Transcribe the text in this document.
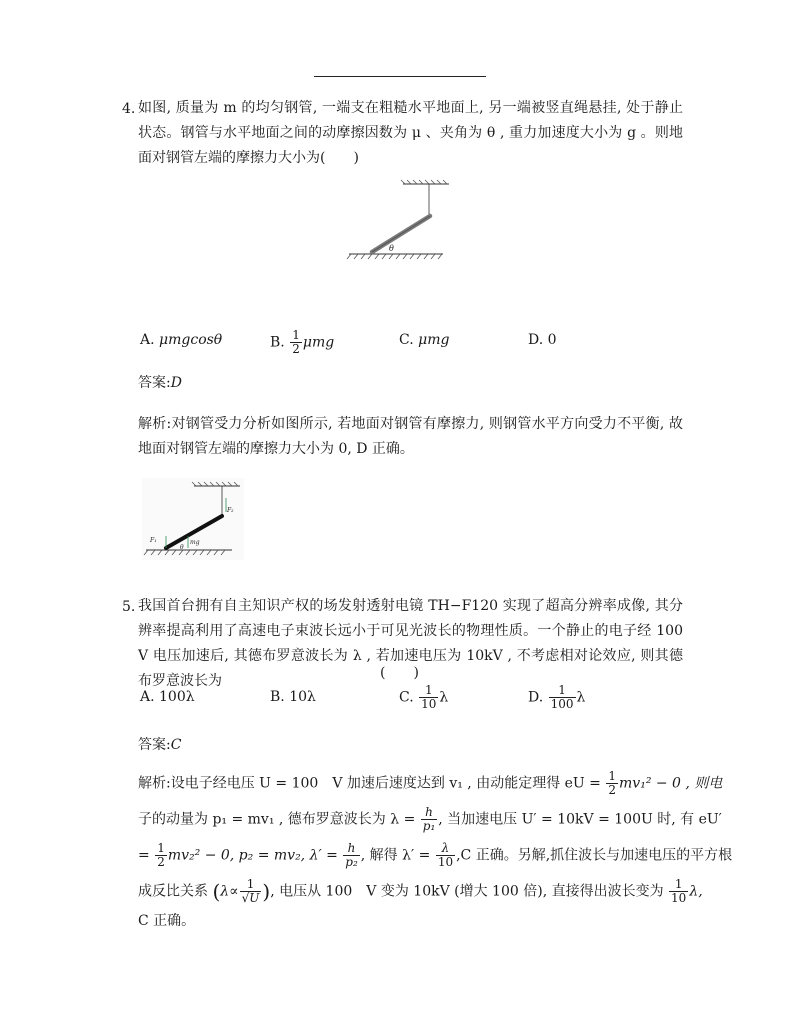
4. 如图, 质量为 m 的均匀钢管, 一端支在粗糙水平地面上, 另一端被竖直绳悬挂, 处于静止状态。钢管与水平地面之间的动摩擦因数为 μ 、夹角为 θ , 重力加速度大小为 g 。则地面对钢管左端的摩擦力大小为(　　)
θ
A. μmgcosθ	B. $\frac{1}{2}$ μmg	C. μmg	D. 0
答案:D
解析:对钢管受力分析如图所示, 若地面对钢管有摩擦力, 则钢管水平方向受力不平衡, 故地面对钢管左端的摩擦力大小为 0, D 正确。
F₂
F₁	mg
θ
5. 我国首台拥有自主知识产权的场发射透射电镜 TH−F120 实现了超高分辨率成像, 其分辨率提高利用了高速电子束波长远小于可见光波长的物理性质。一个静止的电子经 100　V 电压加速后, 其德布罗意波长为 λ , 若加速电压为 10kV , 不考虑相对论效应, 则其德布罗意波长为	(　　)
A. 100λ	B. 10λ	C. $\frac{1}{10}$ λ	D. $\frac{1}{100}$ λ
答案:C
解析:设电子经电压 U = 100　V 加速后速度达到 v₁ , 由动能定理得 eU = $\frac{1}{2} mv_1^2 - 0$ , 则电
子的动量为 p₁ = mv₁ , 德布罗意波长为 $\lambda = \frac{h}{\text{p₁}}$ , 当加速电压 U′ = 10kV = 100U 时, 有 eU′
= $\frac{1}{2} mv_2^2 - 0$, p₂ = mv₂, $\lambda' = \frac{h}{\text{p₂}}$ , 解得 $\lambda' = \frac{\lambda}{10} ,C$ 正确。另解,抓住波长与加速电压的平方根
成反比关系 ($\lambda\propto \frac{1}{√U}$ ), 电压从 100　V 变为 10kV (增大 100 倍), 直接得出波长变为 $\frac{1}{10} \lambda$,
C 正确。
